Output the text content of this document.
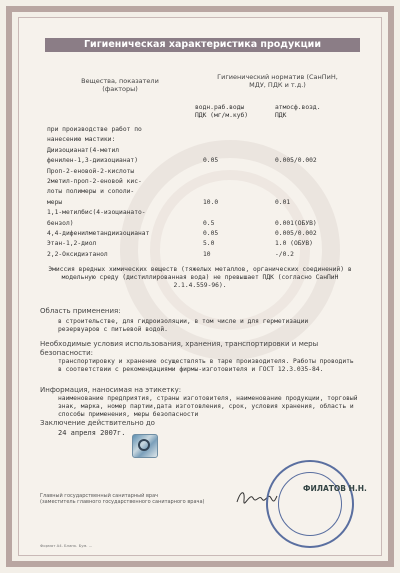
Гигиеническая характеристика продукции
Вещества, показатели (факторы)
Гигиенический норматив (СанПиН, МДУ, ПДК и т.д.)
водн.раб.воды ПДК (мг/м.куб)
атмосф.возд. ПДК
при производстве работ по
нанесению мастики:
Диизоцианат(4-метил
фенилен-1,3-диизоцианат)	0.05	0.005/0.002
Проп-2-еновой-2-кислоты
2метил-проп-2-еновой кис-
лоты полимеры и сополи-
меры	10.0	0.01
1,1-метилбис(4-изоцианато-
бензол)	0.5	0.001(ОБУВ)
4,4-дифенилметандиизоцианат	0.05	0.005/0.002
Этан-1,2-диол	5.0	1.0 (ОБУВ)
2,2-Оксидиэтанол	10	-/0.2
Эмиссия вредных химических веществ (тяжелых металлов, органических соединений) в модельную среду (дистиллированная вода) не превышает ПДК (согласно СанПиН 2.1.4.559-96).
Область применения:
в строительстве, для гидроизоляции, в том числе и для герметизации резервуаров с питьевой водой.
Необходимые условия использования, хранения, транспортировки и меры безопасности:
транспортировку и хранение осуществлять в таре производителя. Работы проводить в соответствии с рекомендациями фирмы-изготовителя и ГОСТ 12.3.035-84.
Информация, наносимая на этикетку:
наименование предприятия, страны изготовителя, наименование продукции, торговый знак, марка, номер партии,дата изготовления, срок, условия хранения, область и способы применения, меры безопасности
Заключение действительно до
24 апреля 2007г.
Главный государственный санитарный врач
(заместитель главного государственного санитарного врача)
ФИЛАТОВ Н.Н.
Формат А4. Бланк. Бум. ...
